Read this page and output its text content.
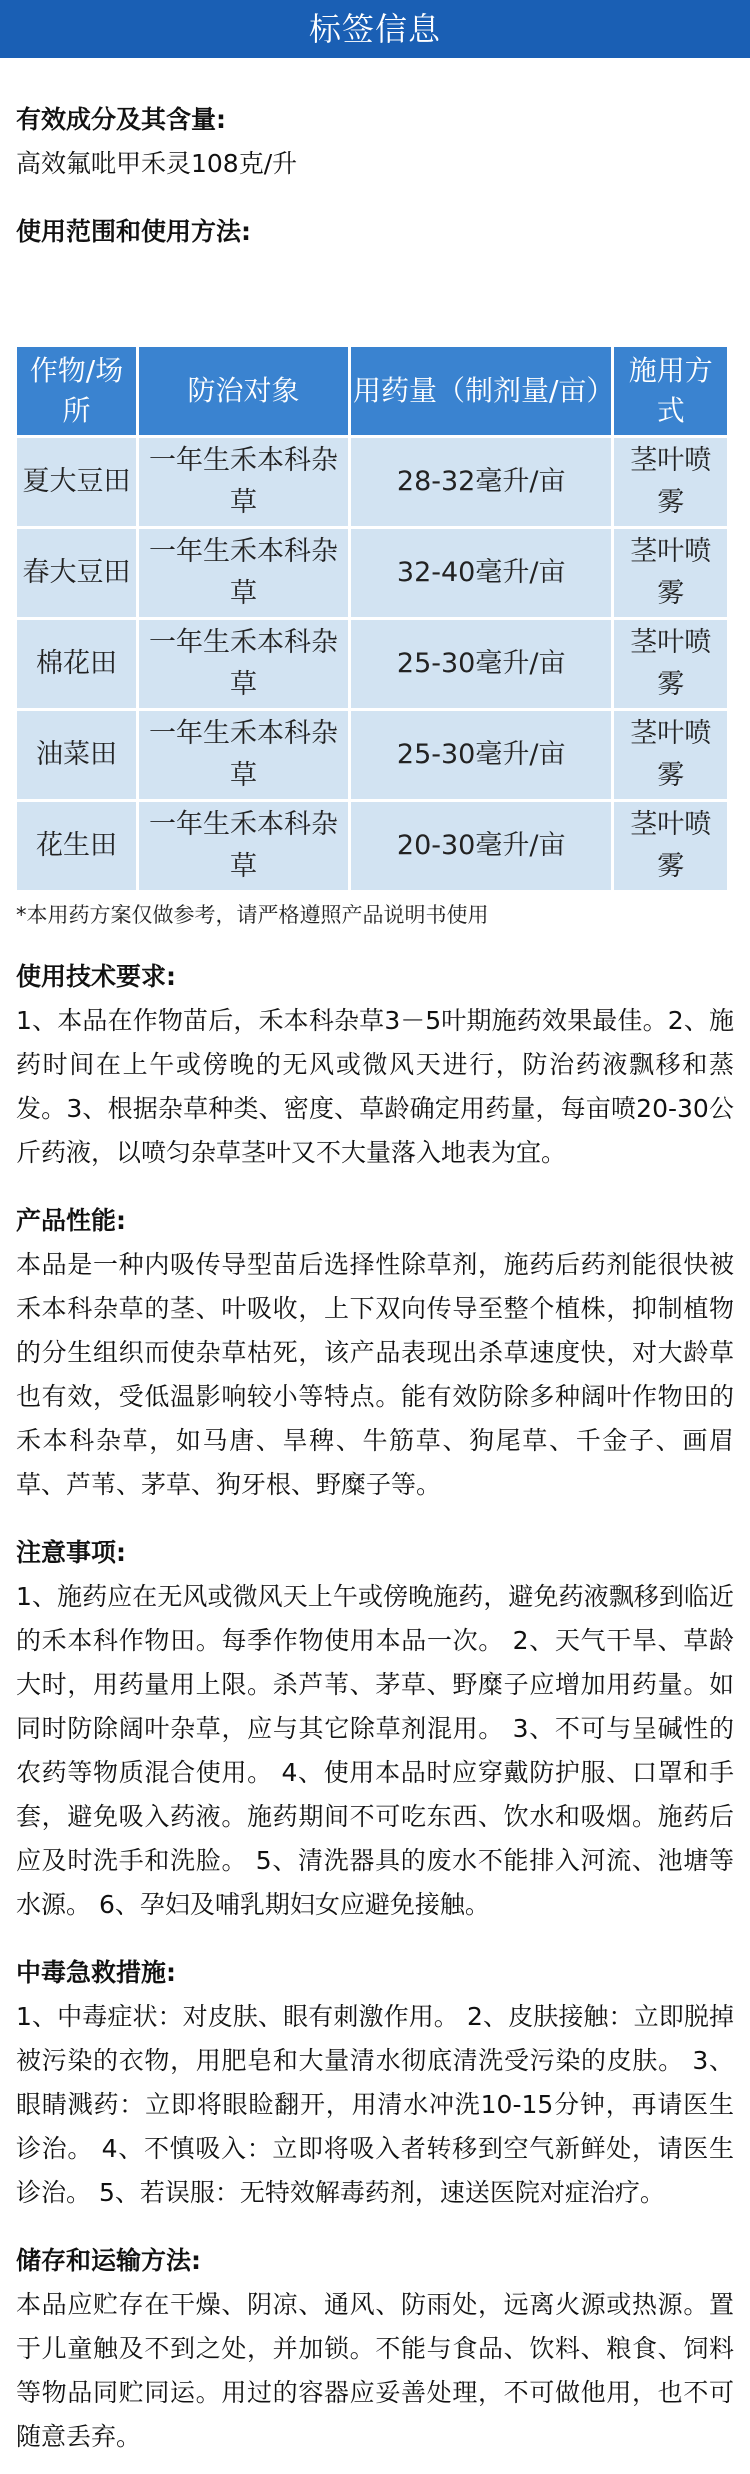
标签信息

有效成分及其含量:

高效氟吡甲禾灵108克/升

使用范围和使用方法:

作物/场所	防治对象	用药量（制剂量/亩）	施用方式
夏大豆田	一年生禾本科杂草	28-32毫升/亩	茎叶喷雾
春大豆田	一年生禾本科杂草	32-40毫升/亩	茎叶喷雾
棉花田	一年生禾本科杂草	25-30毫升/亩	茎叶喷雾
油菜田	一年生禾本科杂草	25-30毫升/亩	茎叶喷雾
花生田	一年生禾本科杂草	20-30毫升/亩	茎叶喷雾

*本用药方案仅做参考，请严格遵照产品说明书使用

使用技术要求:

1、本品在作物苗后，禾本科杂草3－5叶期施药效果最佳。2、施药时间在上午或傍晚的无风或微风天进行，防治药液飘移和蒸发。3、根据杂草种类、密度、草龄确定用药量，每亩喷20-30公斤药液，以喷匀杂草茎叶又不大量落入地表为宜。

产品性能:

本品是一种内吸传导型苗后选择性除草剂，施药后药剂能很快被禾本科杂草的茎、叶吸收，上下双向传导至整个植株，抑制植物的分生组织而使杂草枯死，该产品表现出杀草速度快，对大龄草也有效，受低温影响较小等特点。能有效防除多种阔叶作物田的禾本科杂草，如马唐、旱稗、牛筋草、狗尾草、千金子、画眉草、芦苇、茅草、狗牙根、野糜子等。

注意事项:

1、施药应在无风或微风天上午或傍晚施药，避免药液飘移到临近的禾本科作物田。每季作物使用本品一次。 2、天气干旱、草龄大时，用药量用上限。杀芦苇、茅草、野糜子应增加用药量。如同时防除阔叶杂草，应与其它除草剂混用。 3、不可与呈碱性的农药等物质混合使用。 4、使用本品时应穿戴防护服、口罩和手套，避免吸入药液。施药期间不可吃东西、饮水和吸烟。施药后应及时洗手和洗脸。 5、清洗器具的废水不能排入河流、池塘等水源。 6、孕妇及哺乳期妇女应避免接触。

中毒急救措施:

1、中毒症状：对皮肤、眼有刺激作用。 2、皮肤接触：立即脱掉被污染的衣物，用肥皂和大量清水彻底清洗受污染的皮肤。 3、眼睛溅药：立即将眼睑翻开，用清水冲洗10-15分钟，再请医生诊治。 4、不慎吸入：立即将吸入者转移到空气新鲜处，请医生诊治。 5、若误服：无特效解毒药剂，速送医院对症治疗。

储存和运输方法:

本品应贮存在干燥、阴凉、通风、防雨处，远离火源或热源。置于儿童触及不到之处，并加锁。不能与食品、饮料、粮食、饲料等物品同贮同运。用过的容器应妥善处理，不可做他用，也不可随意丢弃。
